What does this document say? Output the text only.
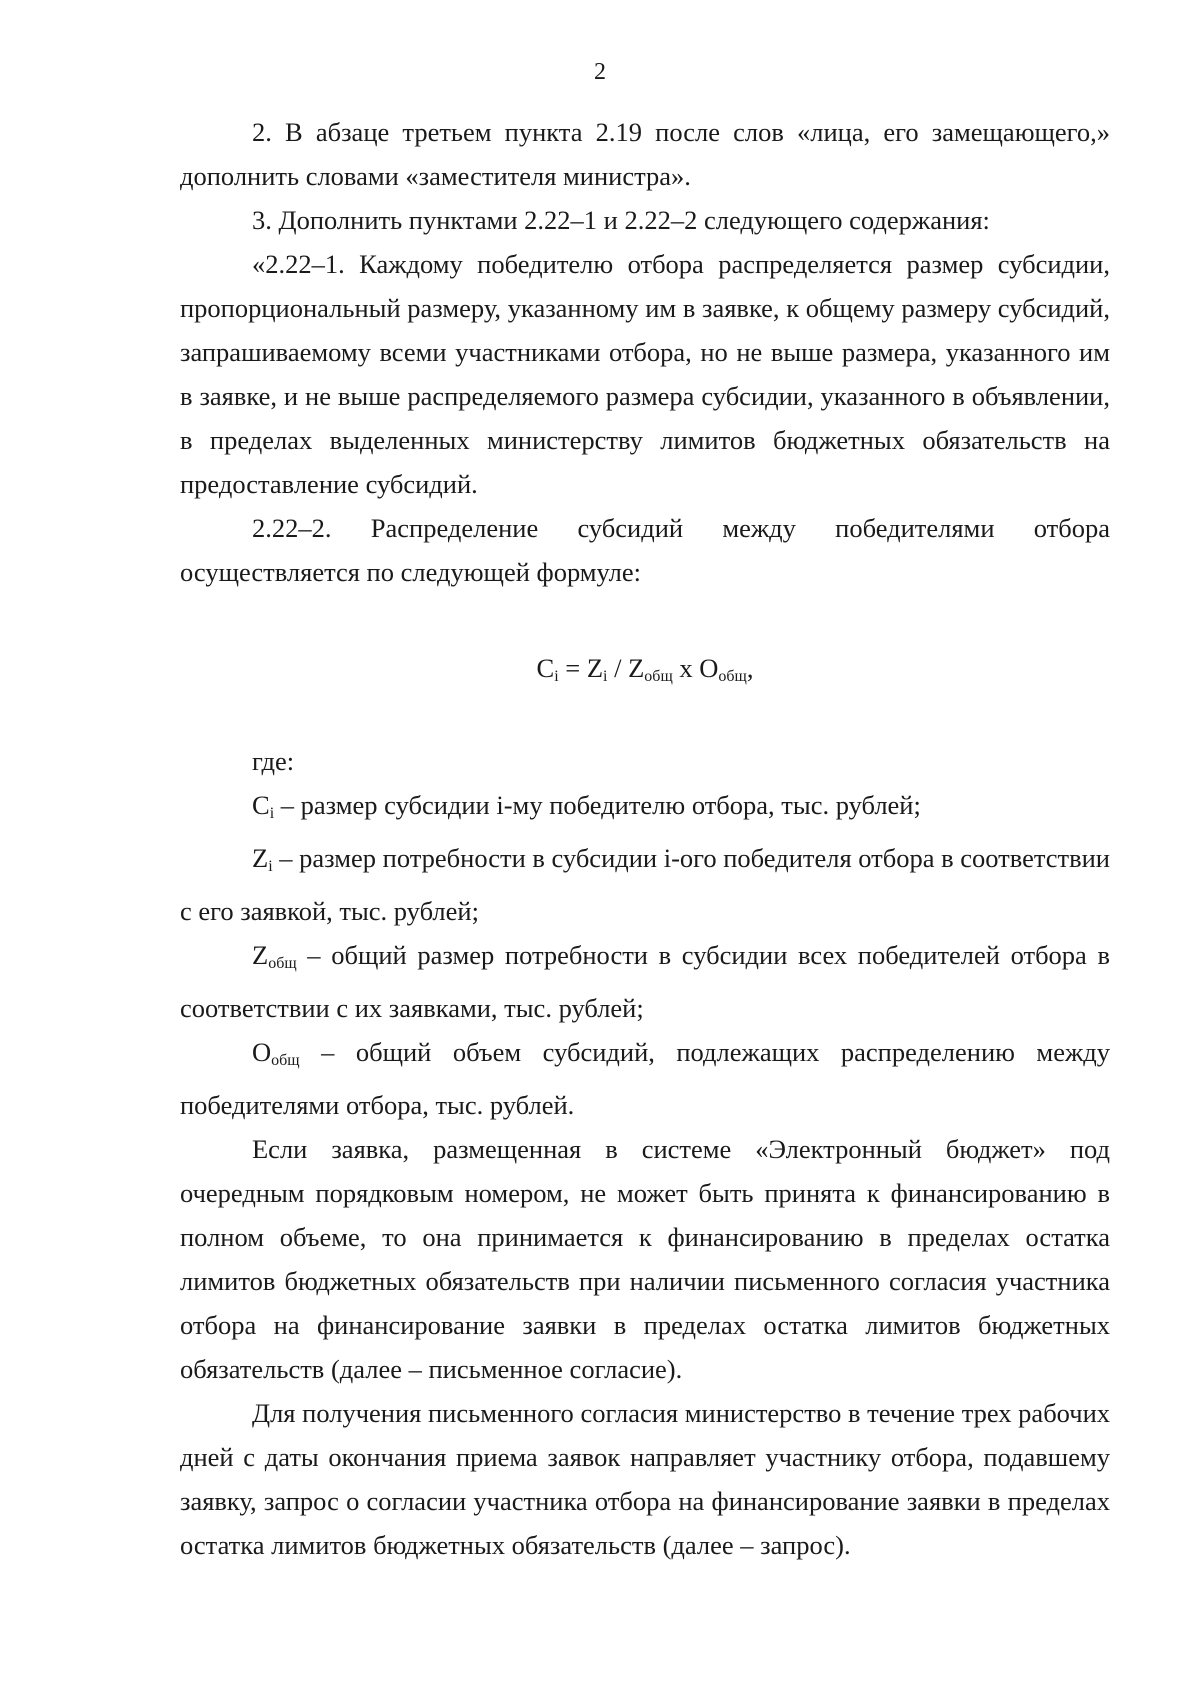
2

2. В абзаце третьем пункта 2.19 после слов «лица, его замещающего,» дополнить словами «заместителя министра».

3. Дополнить пунктами 2.22–1 и 2.22–2 следующего содержания:

«2.22–1. Каждому победителю отбора распределяется размер субсидии, пропорциональный размеру, указанному им в заявке, к общему размеру субсидий, запрашиваемому всеми участниками отбора, но не выше размера, указанного им в заявке, и не выше распределяемого размера субсидии, указанного в объявлении, в пределах выделенных министерству лимитов бюджетных обязательств на предоставление субсидий.

2.22–2. Распределение субсидий между победителями отбора осуществляется по следующей формуле:

$C_i = Z_i / Z_{общ}$ x $O_{общ}$,

где:

$C_i$ – размер субсидии i-му победителю отбора, тыс. рублей;

$Z_i$ – размер потребности в субсидии i-ого победителя отбора в соответствии с его заявкой, тыс. рублей;

$Z_{общ}$ – общий размер потребности в субсидии всех победителей отбора в соответствии с их заявками, тыс. рублей;

$O_{общ}$ – общий объем субсидий, подлежащих распределению между победителями отбора, тыс. рублей.

Если заявка, размещенная в системе «Электронный бюджет» под очередным порядковым номером, не может быть принята к финансированию в полном объеме, то она принимается к финансированию в пределах остатка лимитов бюджетных обязательств при наличии письменного согласия участника отбора на финансирование заявки в пределах остатка лимитов бюджетных обязательств (далее – письменное согласие).

Для получения письменного согласия министерство в течение трех рабочих дней с даты окончания приема заявок направляет участнику отбора, подавшему заявку, запрос о согласии участника отбора на финансирование заявки в пределах остатка лимитов бюджетных обязательств (далее – запрос).
